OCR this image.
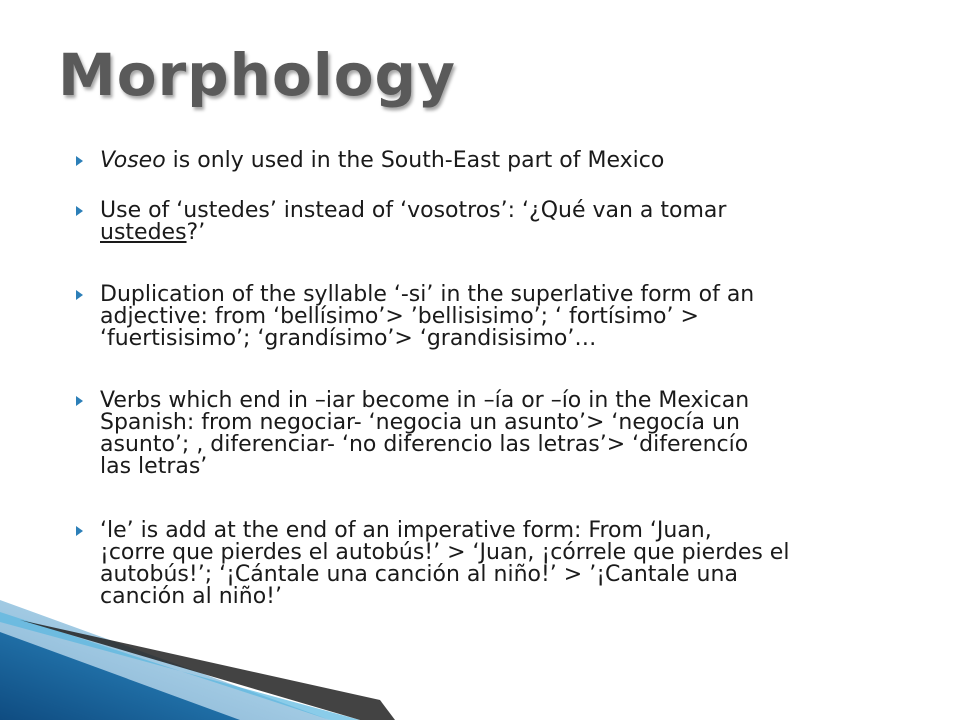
Morphology
Voseo is only used in the South-East part of Mexico
Use of ‘ustedes’ instead of ‘vosotros’: ‘¿Qué van a tomar
ustedes?’
Duplication of the syllable ‘-si’ in the superlative form of an
adjective: from ‘bellísimo’> ’bellisisimo’; ‘ fortísimo’ >
‘fuertisisimo’; ‘grandísimo’> ‘grandisisimo’…
Verbs which end in –iar become in –ía or –ío in the Mexican
Spanish: from negociar- ‘negocia un asunto’> ‘negocía un
asunto’; , diferenciar- ‘no diferencio las letras’> ‘diferencío
las letras’
‘le’ is add at the end of an imperative form: From ‘Juan,
¡corre que pierdes el autobús!’ > ‘Juan, ¡córrele que pierdes el
autobús!’; ‘¡Cántale una canción al niño!’ > ’¡Cantale una
canción al niño!’
